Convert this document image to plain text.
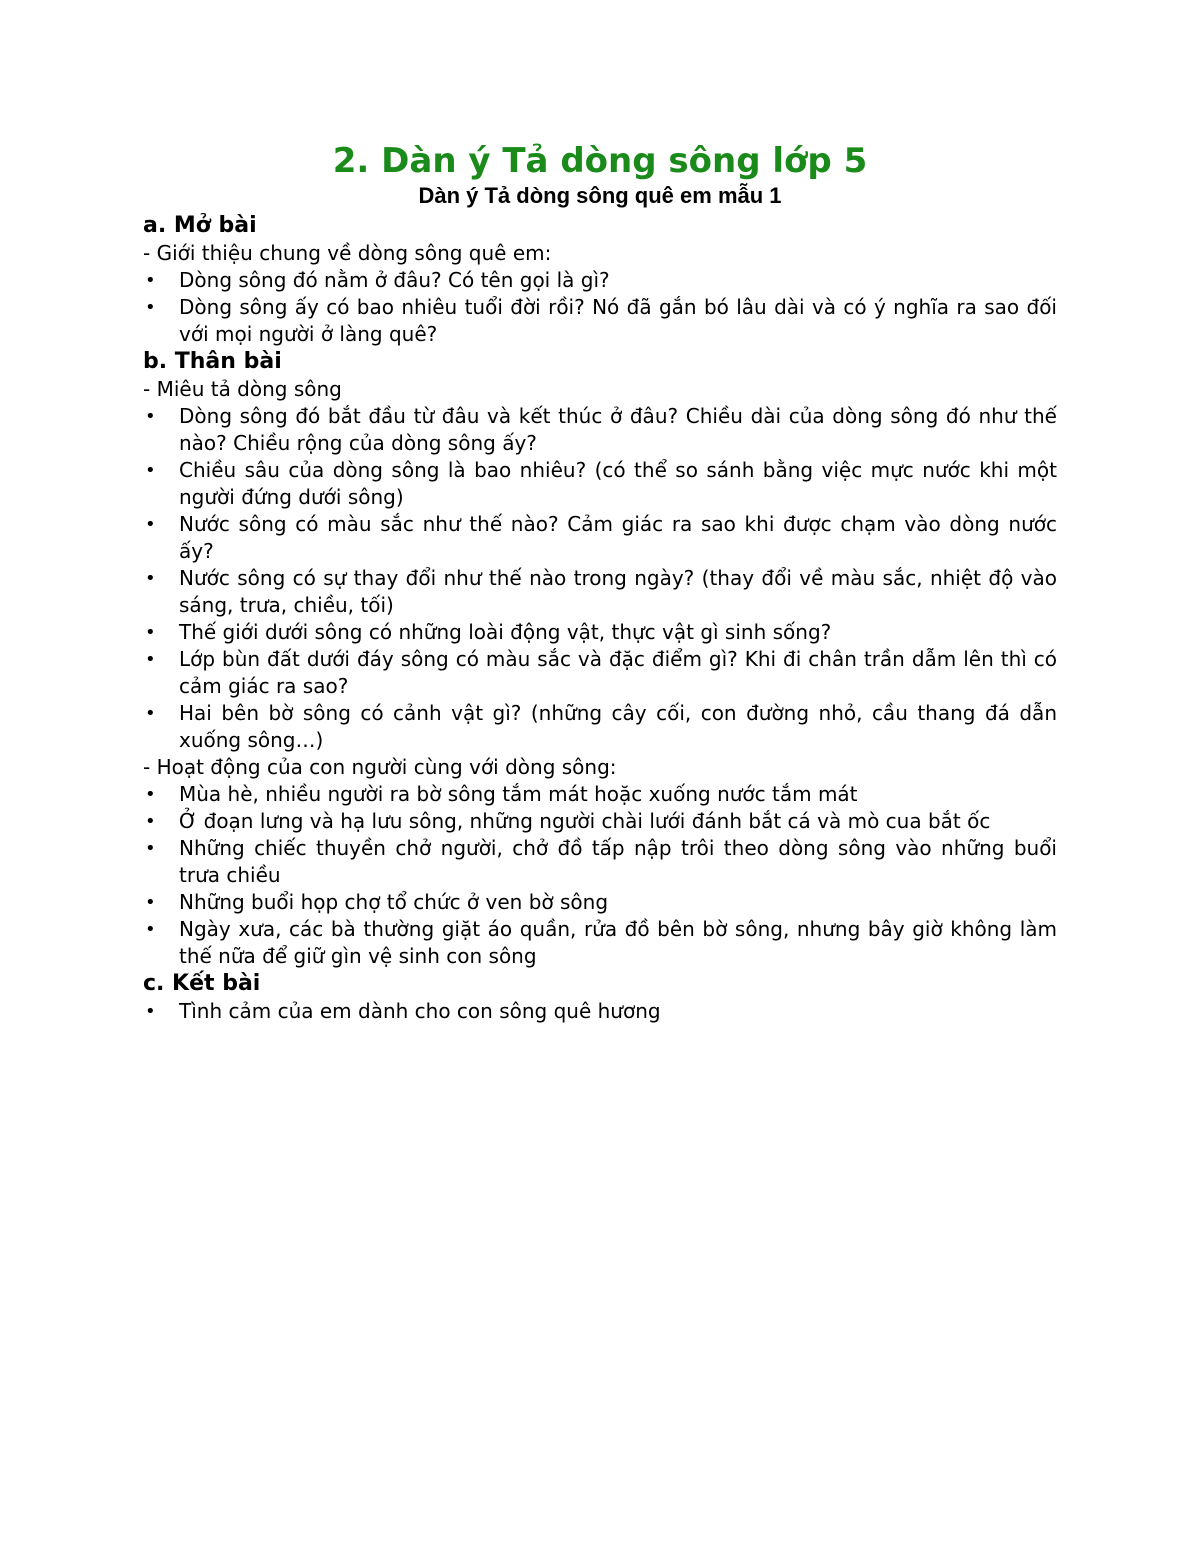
2. Dàn ý Tả dòng sông lớp 5
Dàn ý Tả dòng sông quê em mẫu 1
a. Mở bài

- Giới thiệu chung về dòng sông quê em:

• Dòng sông đó nằm ở đâu? Có tên gọi là gì?
• Dòng sông ấy có bao nhiêu tuổi đời rồi? Nó đã gắn bó lâu dài và có ý nghĩa ra sao đối với mọi người ở làng quê?
b. Thân bài

- Miêu tả dòng sông

• Dòng sông đó bắt đầu từ đâu và kết thúc ở đâu? Chiều dài của dòng sông đó như thế nào? Chiều rộng của dòng sông ấy?
• Chiều sâu của dòng sông là bao nhiêu? (có thể so sánh bằng việc mực nước khi một người đứng dưới sông)
• Nước sông có màu sắc như thế nào? Cảm giác ra sao khi được chạm vào dòng nước ấy?
• Nước sông có sự thay đổi như thế nào trong ngày? (thay đổi về màu sắc, nhiệt độ vào sáng, trưa, chiều, tối)
• Thế giới dưới sông có những loài động vật, thực vật gì sinh sống?
• Lớp bùn đất dưới đáy sông có màu sắc và đặc điểm gì? Khi đi chân trần dẫm lên thì có cảm giác ra sao?
• Hai bên bờ sông có cảnh vật gì? (những cây cối, con đường nhỏ, cầu thang đá dẫn xuống sông…)

- Hoạt động của con người cùng với dòng sông:

• Mùa hè, nhiều người ra bờ sông tắm mát hoặc xuống nước tắm mát
• Ở đoạn lưng và hạ lưu sông, những người chài lưới đánh bắt cá và mò cua bắt ốc
• Những chiếc thuyền chở người, chở đồ tấp nập trôi theo dòng sông vào những buổi trưa chiều
• Những buổi họp chợ tổ chức ở ven bờ sông
• Ngày xưa, các bà thường giặt áo quần, rửa đồ bên bờ sông, nhưng bây giờ không làm thế nữa để giữ gìn vệ sinh con sông
c. Kết bài
• Tình cảm của em dành cho con sông quê hương
